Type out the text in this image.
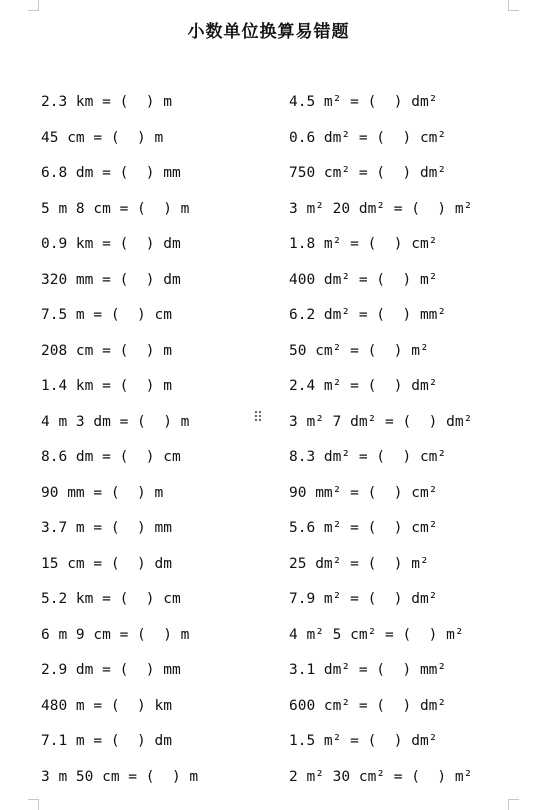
小数单位换算易错题
2.3 km = (  ) m
45 cm = (  ) m
6.8 dm = (  ) mm
5 m 8 cm = (  ) m
0.9 km = (  ) dm
320 mm = (  ) dm
7.5 m = (  ) cm
208 cm = (  ) m
1.4 km = (  ) m
4 m 3 dm = (  ) m
8.6 dm = (  ) cm
90 mm = (  ) m
3.7 m = (  ) mm
15 cm = (  ) dm
5.2 km = (  ) cm
6 m 9 cm = (  ) m
2.9 dm = (  ) mm
480 m = (  ) km
7.1 m = (  ) dm
3 m 50 cm = (  ) m
4.5 m² = (  ) dm²
0.6 dm² = (  ) cm²
750 cm² = (  ) dm²
3 m² 20 dm² = (  ) m²
1.8 m² = (  ) cm²
400 dm² = (  ) m²
6.2 dm² = (  ) mm²
50 cm² = (  ) m²
2.4 m² = (  ) dm²
3 m² 7 dm² = (  ) dm²
8.3 dm² = (  ) cm²
90 mm² = (  ) cm²
5.6 m² = (  ) cm²
25 dm² = (  ) m²
7.9 m² = (  ) dm²
4 m² 5 cm² = (  ) m²
3.1 dm² = (  ) mm²
600 cm² = (  ) dm²
1.5 m² = (  ) dm²
2 m² 30 cm² = (  ) m²
⠿
